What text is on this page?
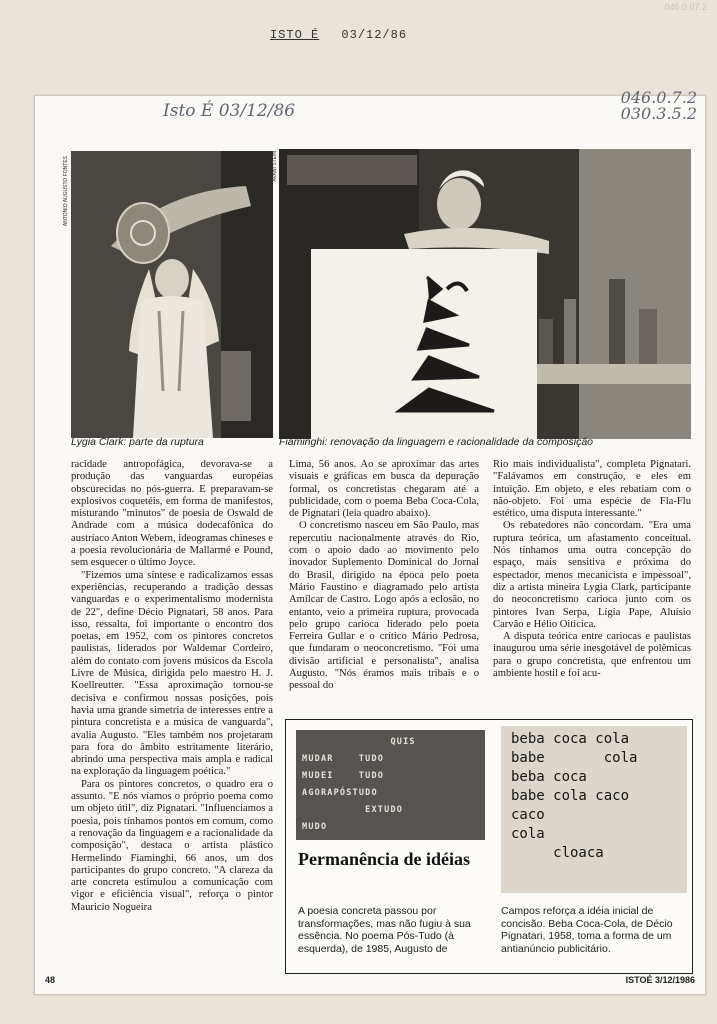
046.0.07.2
ISTO É 03/12/86
Isto É 03/12/86
046.0.7.2
030.3.5.2
ANTONIO AUGUSTO FONTES	AVANI STEIN
Lygia Clark: parte da ruptura	Fiaminghi: renovação da linguagem e racionalidade da composição

racidade antropofágica, devorava-se a produção das vanguardas européias obscurecidas no pós-guerra. E preparavam-se explosivos coquetéis, em forma de manifestos, misturando "minutos" de poesia de Oswald de Andrade com a música dodecafônica do austríaco Anton Webern, ideogramas chineses e a poesia revolucionária de Mallarmé e Pound, sem esquecer o último Joyce.

"Fizemos uma síntese e radicalizamos essas experiências, recuperando a tradição dessas vanguardas e o experimentalismo modernista de 22", define Décio Pignatari, 58 anos. Para isso, ressalta, foi importante o encontro dos poetas, em 1952, com os pintores concretos paulistas, liderados por Waldemar Cordeiro, além do contato com jovens músicos da Escola Livre de Música, dirigida pelo maestro H. J. Koellreutter. "Essa aproximação tornou-se decisiva e confirmou nossas posições, pois havia uma grande simetria de interesses entre a pintura concretista e a música de vanguarda", avalia Augusto. "Eles também nos projetaram para fora do âmbito estritamente literário, abrindo uma perspectiva mais ampla e radical na exploração da linguagem poética."

Para os pintores concretos, o quadro era o assunto. "E nós víamos o próprio poema como um objeto útil", diz Pignatari. "Influenciamos a poesia, pois tínhamos pontos em comum, como a renovação da linguagem e a racionalidade da composição", destaca o artista plástico Hermelindo Fiaminghi, 66 anos, um dos participantes do grupo concreto. "A clareza da arte concreta estimulou a comunicação com vigor e eficiência visual", reforça o pintor Mauricio Nogueira

Lima, 56 anos. Ao se aproximar das artes visuais e gráficas em busca da depuração formal, os concretistas chegaram até a publicidade, com o poema Beba Coca-Cola, de Pignatari (leia quadro abaixo).

O concretismo nasceu em São Paulo, mas repercutiu nacionalmente através do Rio, com o apoio dado ao movimento pelo inovador Suplemento Dominical do Jornal do Brasil, dirigido na época pelo poeta Mário Faustino e diagramado pelo artista Amílcar de Castro. Logo após a eclosão, no entanto, veio a primeira ruptura, provocada pelo grupo carioca liderado pelo poeta Ferreira Gullar e o crítico Mário Pedrosa, que fundaram o neoconcretismo. "Foi uma divisão artificial e personalista", analisa Augusto. "Nós éramos mais tribais e o pessoal do

Rio mais individualista", completa Pignatari. "Falávamos em construção, e eles em intuição. Em objeto, e eles rebatiam com o não-objeto. Foi uma espécie de Fla-Flu estético, uma disputa interessante."

Os rebatedores não concordam. "Era uma ruptura teórica, um afastamento conceitual. Nós tínhamos uma outra concepção do espaço, mais sensitiva e próxima do espectador, menos mecanicista e impessoal", diz a artista mineira Lygia Clark, participante do neoconcretismo carioca junto com os pintores Ivan Serpa, Lígia Pape, Aluísio Carvão e Hélio Oiticica.

A disputa teórica entre cariocas e paulistas inaugurou uma série inesgotável de polêmicas para o grupo concretista, que enfrentou um ambiente hostil e foi acu-

QUIS
MUDAR    TUDO
MUDEI    TUDO
AGORAPÓSTUDO
EXTUDO
MUDO
beba coca cola
babe       cola
beba coca
babe cola caco
caco
cola
cloaca
Permanência de idéias
A poesia concreta passou por transformações, mas não fugiu à sua essência. No poema Pós-Tudo (à esquerda), de 1985, Augusto de
Campos reforça a idéia inicial de concisão. Beba Coca-Cola, de Décio Pignatari, 1958, toma a forma de um antianúncio publicitário.
48	ISTOÉ 3/12/1986
